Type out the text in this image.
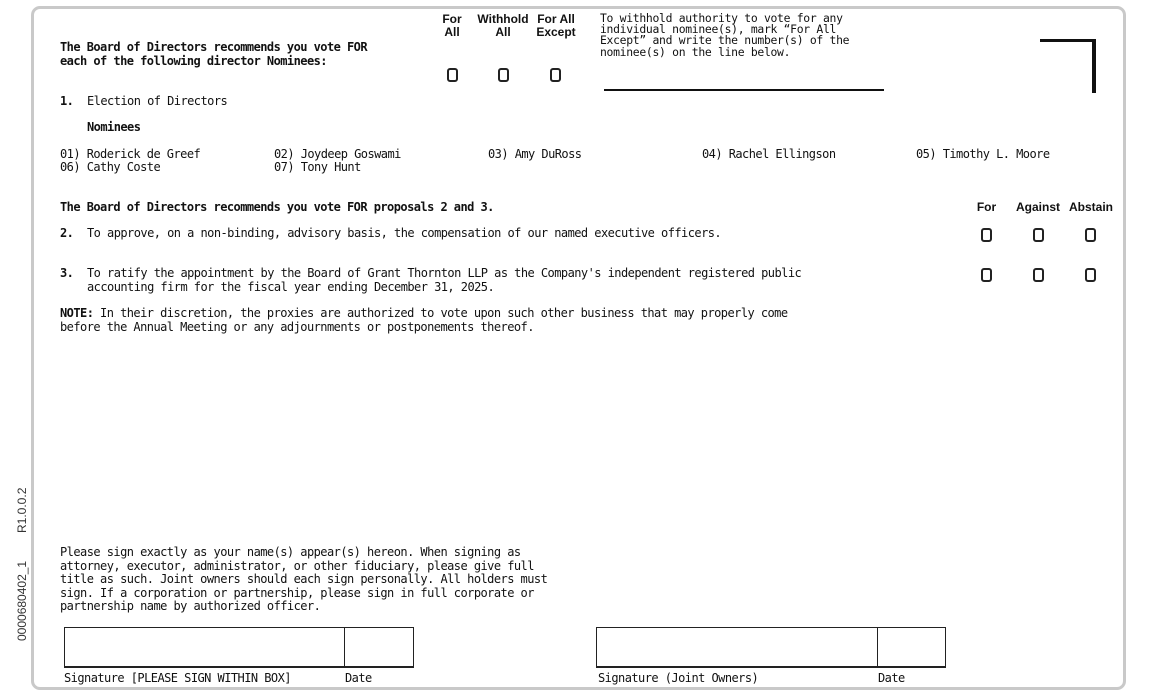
0000680402_1
R1.0.0.2
The Board of Directors recommends you vote FOR
each of the following director Nominees:
For
All
Withhold
All
For All
Except
To withhold authority to vote for any
individual nominee(s), mark “For All
Except” and write the number(s) of the
nominee(s) on the line below.
1. Election of Directors
Nominees
01) Roderick de Greef	02) Joydeep Goswami	03) Amy DuRoss	04) Rachel Ellingson	05) Timothy L. Moore
06) Cathy Coste	07) Tony Hunt
The Board of Directors recommends you vote FOR proposals 2 and 3.	For	Against Abstain
2. To approve, on a non-binding, advisory basis, the compensation of our named executive officers.
3. To ratify the appointment by the Board of Grant Thornton LLP as the Company's independent registered public
accounting firm for the fiscal year ending December 31, 2025.
NOTE: In their discretion, the proxies are authorized to vote upon such other business that may properly come
before the Annual Meeting or any adjournments or postponements thereof.
Please sign exactly as your name(s) appear(s) hereon. When signing as
attorney, executor, administrator, or other fiduciary, please give full
title as such. Joint owners should each sign personally. All holders must
sign. If a corporation or partnership, please sign in full corporate or
partnership name by authorized officer.
Signature [PLEASE SIGN WITHIN BOX]	Date	Signature (Joint Owners)	Date
